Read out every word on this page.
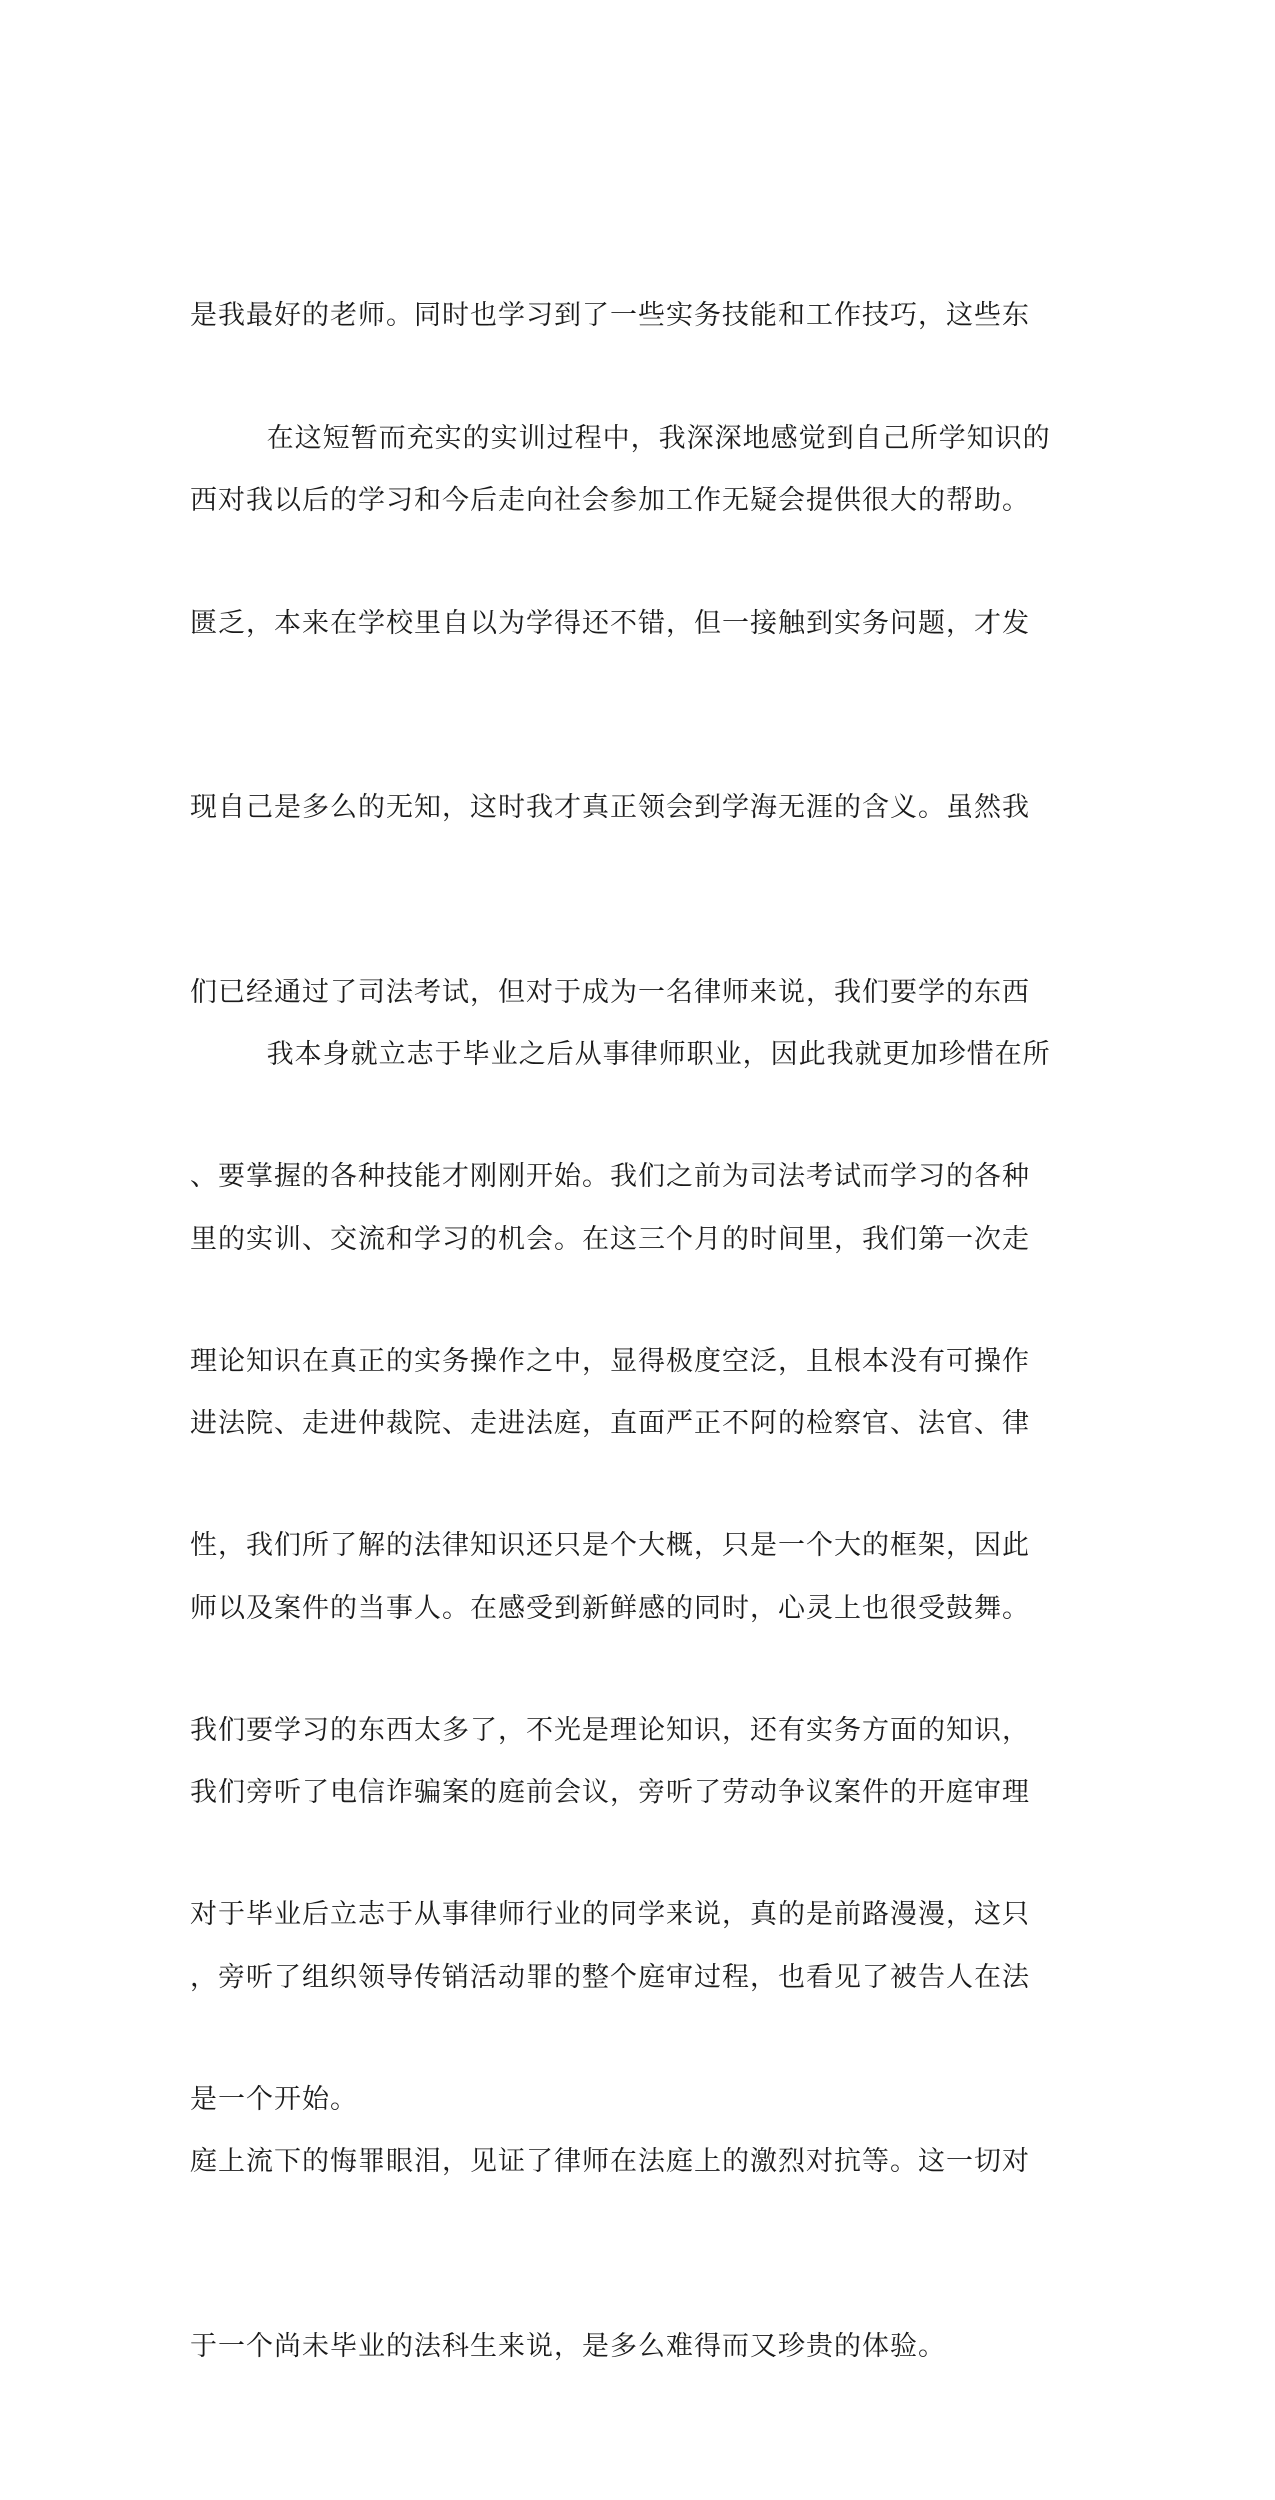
是我最好的老师。同时也学习到了一些实务技能和工作技巧，这些东

西对我以后的学习和今后走向社会参加工作无疑会提供很大的帮助。

在这短暂而充实的实训过程中，我深深地感觉到自己所学知识的

匮乏，本来在学校里自以为学得还不错，但一接触到实务问题，才发

现自己是多么的无知，这时我才真正领会到学海无涯的含义。虽然我

们已经通过了司法考试，但对于成为一名律师来说，我们要学的东西

、要掌握的各种技能才刚刚开始。我们之前为司法考试而学习的各种

理论知识在真正的实务操作之中，显得极度空泛，且根本没有可操作

性，我们所了解的法律知识还只是个大概，只是一个大的框架，因此

我们要学习的东西太多了，不光是理论知识，还有实务方面的知识，

对于毕业后立志于从事律师行业的同学来说，真的是前路漫漫，这只

是一个开始。

我本身就立志于毕业之后从事律师职业，因此我就更加珍惜在所

里的实训、交流和学习的机会。在这三个月的时间里，我们第一次走

进法院、走进仲裁院、走进法庭，直面严正不阿的检察官、法官、律

师以及案件的当事人。在感受到新鲜感的同时，心灵上也很受鼓舞。

我们旁听了电信诈骗案的庭前会议，旁听了劳动争议案件的开庭审理

，旁听了组织领导传销活动罪的整个庭审过程，也看见了被告人在法

庭上流下的悔罪眼泪，见证了律师在法庭上的激烈对抗等。这一切对

于一个尚未毕业的法科生来说，是多么难得而又珍贵的体验。
